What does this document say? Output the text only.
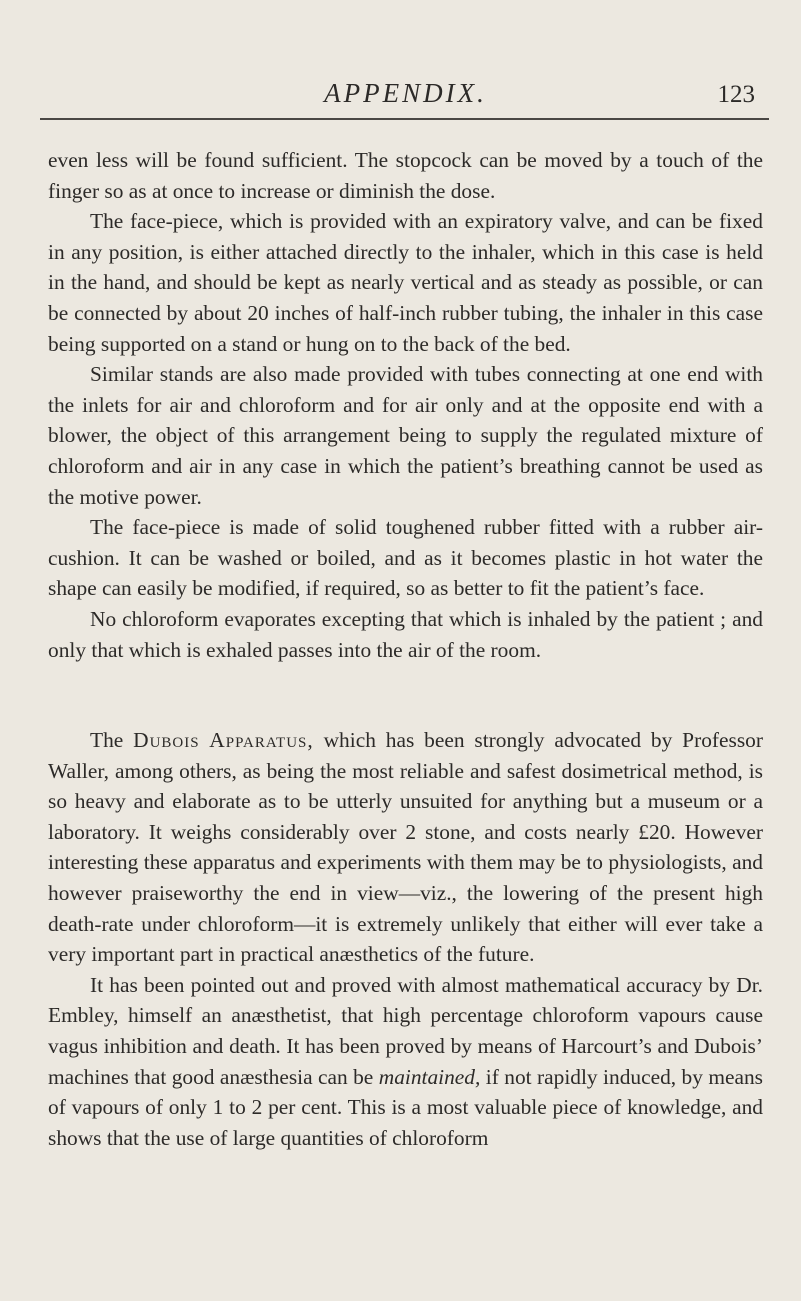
APPENDIX.	123

even less will be found sufficient. The stopcock can be moved by a touch of the finger so as at once to increase or diminish the dose.

The face-piece, which is provided with an expiratory valve, and can be fixed in any position, is either attached directly to the inhaler, which in this case is held in the hand, and should be kept as nearly vertical and as steady as possible, or can be connected by about 20 inches of half-inch rubber tubing, the inhaler in this case being supported on a stand or hung on to the back of the bed.

Similar stands are also made provided with tubes connecting at one end with the inlets for air and chloroform and for air only and at the opposite end with a blower, the object of this arrangement being to supply the regulated mixture of chloroform and air in any case in which the patient’s breathing cannot be used as the motive power.

The face-piece is made of solid toughened rubber fitted with a rubber air-cushion. It can be washed or boiled, and as it becomes plastic in hot water the shape can easily be modified, if required, so as better to fit the patient’s face.

No chloroform evaporates excepting that which is inhaled by the patient ; and only that which is exhaled passes into the air of the room.

The Dubois Apparatus, which has been strongly advocated by Professor Waller, among others, as being the most reliable and safest dosimetrical method, is so heavy and elaborate as to be utterly unsuited for anything but a museum or a laboratory. It weighs considerably over 2 stone, and costs nearly £20. However interesting these apparatus and experiments with them may be to physiologists, and however praiseworthy the end in view—viz., the lowering of the present high death-rate under chloroform—it is extremely unlikely that either will ever take a very important part in practical anæsthetics of the future.

It has been pointed out and proved with almost mathematical accuracy by Dr. Embley, himself an anæsthetist, that high percentage chloroform vapours cause vagus inhibition and death. It has been proved by means of Harcourt’s and Dubois’ machines that good anæsthesia can be maintained, if not rapidly induced, by means of vapours of only 1 to 2 per cent. This is a most valuable piece of knowledge, and shows that the use of large quantities of chloroform
